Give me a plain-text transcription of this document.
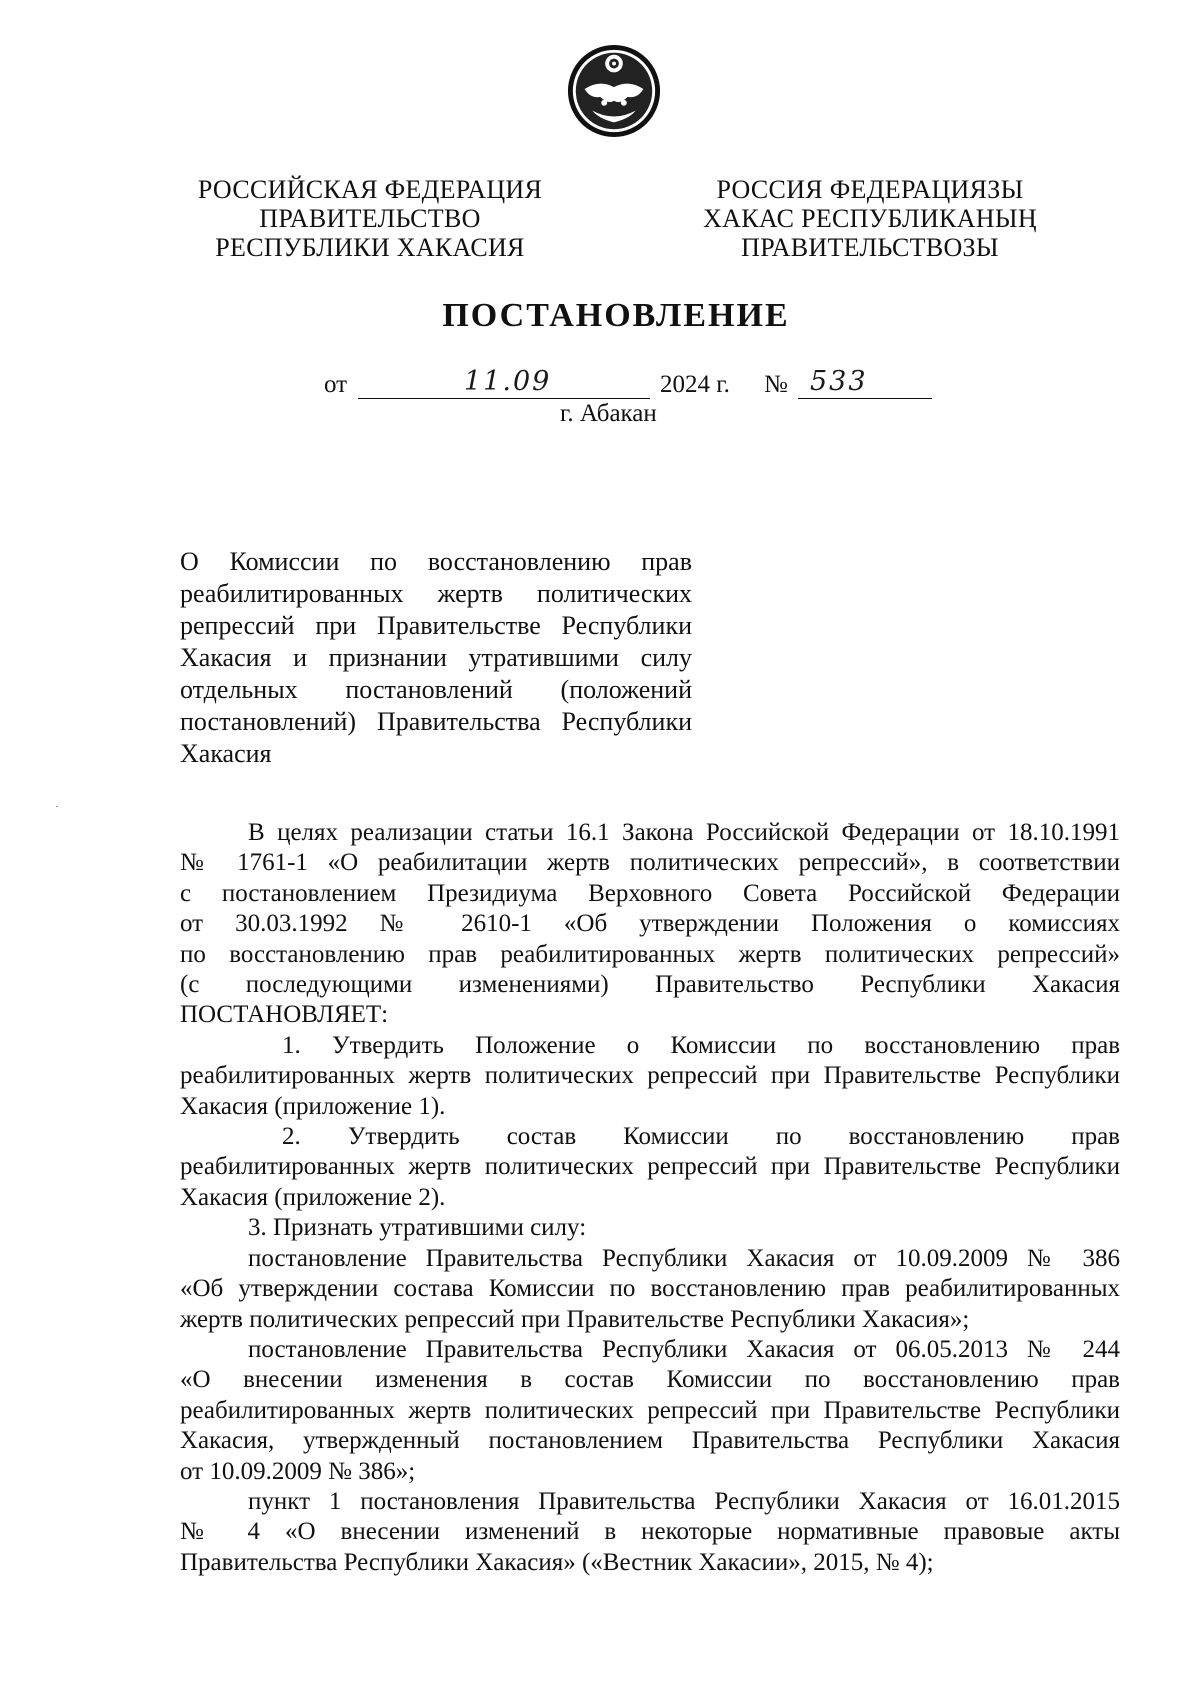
РОССИЙСКАЯ ФЕДЕРАЦИЯ
ПРАВИТЕЛЬСТВО
РЕСПУБЛИКИ ХАКАСИЯ
РОССИЯ ФЕДЕРАЦИЯЗЫ
ХАКАС РЕСПУБЛИКАНЫҢ
ПРАВИТЕЛЬСТВОЗЫ
ПОСТАНОВЛЕНИЕ
от	11.09	2024 г. № 533
г. Абакан
О Комиссии по восстановлению прав
реабилитированных жертв политических
репрессий при Правительстве Республики
Хакасия и признании утратившими силу
отдельных постановлений (положений
постановлений) Правительства Республики
Хакасия
В целях реализации статьи 16.1 Закона Российской Федерации от 18.10.1991
№ 1761-1 «О реабилитации жертв политических репрессий», в соответствии
с постановлением Президиума Верховного Совета Российской Федерации
от 30.03.1992 № 2610-1 «Об утверждении Положения о комиссиях
по восстановлению прав реабилитированных жертв политических репрессий»
(с последующими изменениями) Правительство Республики Хакасия
ПОСТАНОВЛЯЕТ:
1. Утвердить Положение о Комиссии по восстановлению прав
реабилитированных жертв политических репрессий при Правительстве Республики
Хакасия (приложение 1).
2. Утвердить состав Комиссии по восстановлению прав
реабилитированных жертв политических репрессий при Правительстве Республики
Хакасия (приложение 2).
3. Признать утратившими силу:
постановление Правительства Республики Хакасия от 10.09.2009 № 386
«Об утверждении состава Комиссии по восстановлению прав реабилитированных
жертв политических репрессий при Правительстве Республики Хакасия»;
постановление Правительства Республики Хакасия от 06.05.2013 № 244
«О внесении изменения в состав Комиссии по восстановлению прав
реабилитированных жертв политических репрессий при Правительстве Республики
Хакасия, утвержденный постановлением Правительства Республики Хакасия
от 10.09.2009 № 386»;
пункт 1 постановления Правительства Республики Хакасия от 16.01.2015
№ 4 «О внесении изменений в некоторые нормативные правовые акты
Правительства Республики Хакасия» («Вестник Хакасии», 2015, № 4);
